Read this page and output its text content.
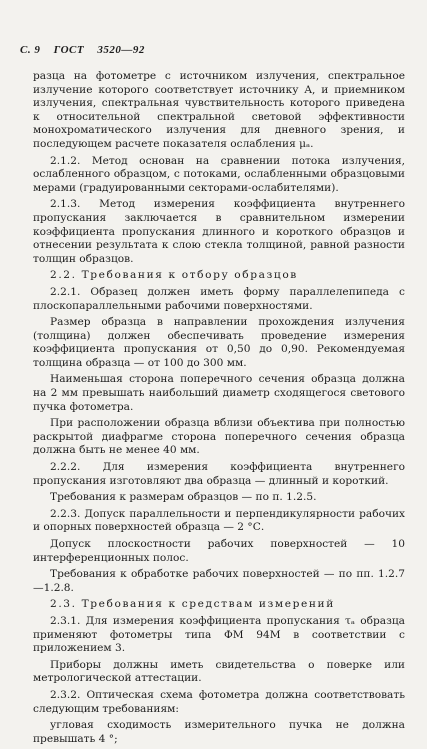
С. 9 ГОСТ 3520—92

разца на фотометре с источником излучения, спектральное излучение которого соответствует источнику A, и приемником излучения, спектральная чувствительность которого приведена к относительной спектральной световой эффективности монохроматического излучения для дневного зрения, и последующем расчете показателя ослабления μₐ.

2.1.2. Метод основан на сравнении потока излучения, ослабленного образцом, с потоками, ослабленными образцовыми мерами (градуированными секторами-ослабителями).

2.1.3. Метод измерения коэффициента внутреннего пропускания заключается в сравнительном измерении коэффициента пропускания длинного и короткого образцов и отнесении результата к слою стекла толщиной, равной разности толщин образцов.

2.2. Требования к отбору образцов

2.2.1. Образец должен иметь форму параллелепипеда с плоскопараллельными рабочими поверхностями.

Размер образца в направлении прохождения излучения (толщина) должен обеспечивать проведение измерения коэффициента пропускания от 0,50 до 0,90. Рекомендуемая толщина образца — от 100 до 300 мм.

Наименьшая сторона поперечного сечения образца должна на 2 мм превышать наибольший диаметр сходящегося светового пучка фотометра.

При расположении образца вблизи объектива при полностью раскрытой диафрагме сторона поперечного сечения образца должна быть не менее 40 мм.

2.2.2. Для измерения коэффициента внутреннего пропускания изготовляют два образца — длинный и короткий.

Требования к размерам образцов — по п. 1.2.5.

2.2.3. Допуск параллельности и перпендикулярности рабочих и опорных поверхностей образца — 2 °С.

Допуск плоскостности рабочих поверхностей — 10 интерференционных полос.

Требования к обработке рабочих поверхностей — по пп. 1.2.7—1.2.8.

2.3. Требования к средствам измерений

2.3.1. Для измерения коэффициента пропускания τₐ образца применяют фотометры типа ФМ 94М в соответствии с приложением 3.

Приборы должны иметь свидетельства о поверке или метрологической аттестации.

2.3.2. Оптическая схема фотометра должна соответствовать следующим требованиям:

угловая сходимость измерительного пучка не должна превышать 4 °;
